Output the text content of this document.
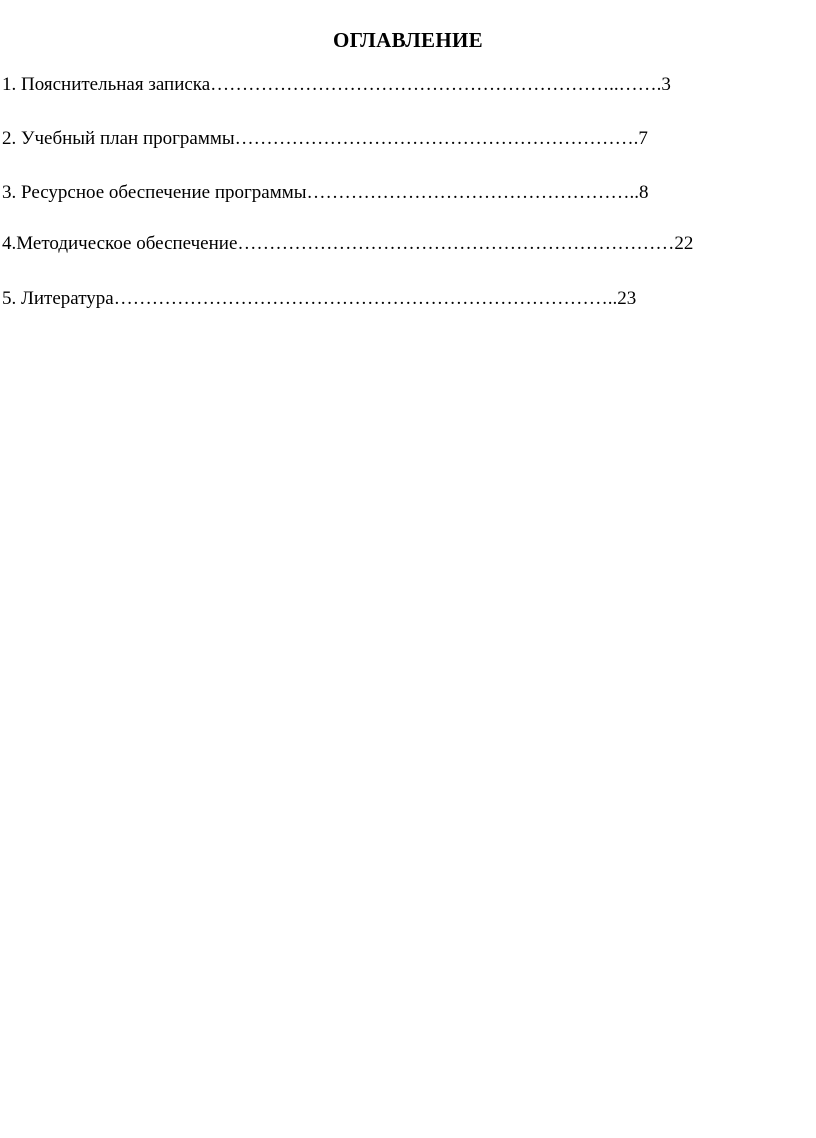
ОГЛАВЛЕНИЕ
1. Пояснительная записка………………………………………………………..…….3
2. Учебный план программы……………………………………………………….7
3. Ресурсное обеспечение программы……………………………………………..8
4.Методическое обеспечение……………………………………………………………22
5. Литература……………………………………………………………………..23
